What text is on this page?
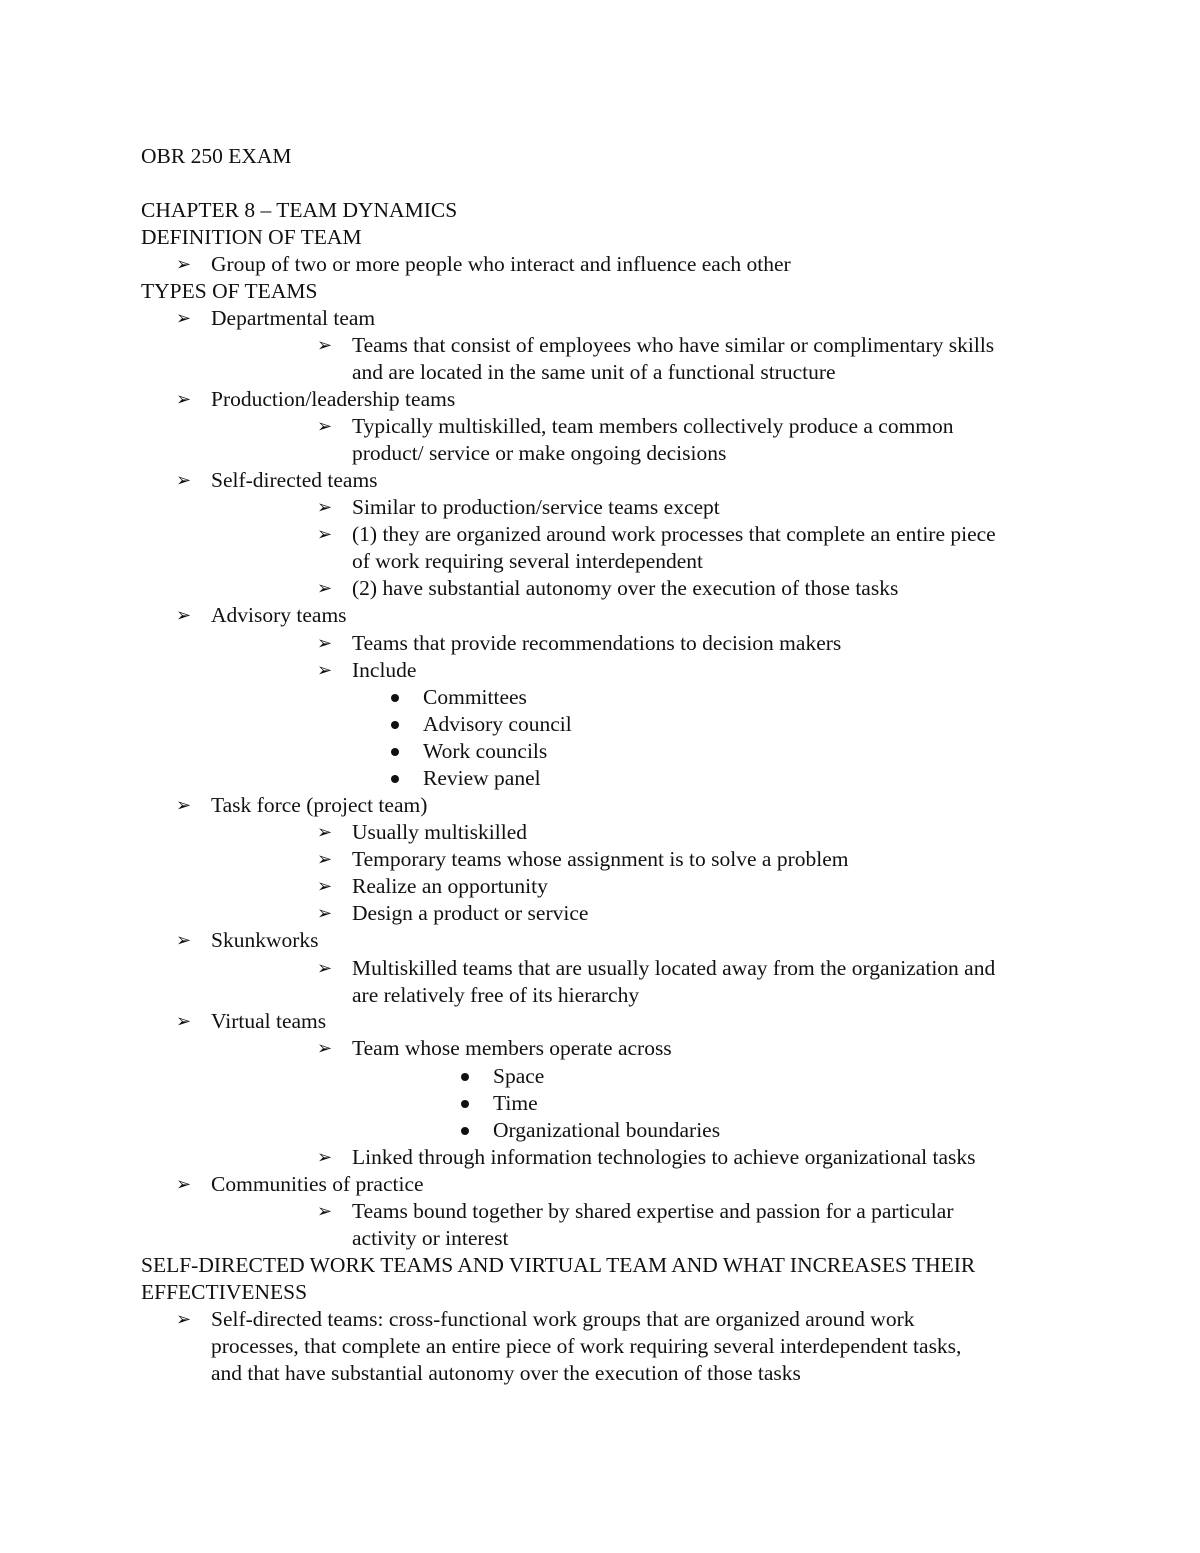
OBR 250 EXAM
CHAPTER 8 – TEAM DYNAMICS
DEFINITION OF TEAM
➢ Group of two or more people who interact and influence each other
TYPES OF TEAMS
➢ Departmental team
➢ Teams that consist of employees who have similar or complimentary skills
and are located in the same unit of a functional structure
➢ Production/leadership teams
➢ Typically multiskilled, team members collectively produce a common
product/ service or make ongoing decisions
➢ Self-directed teams
➢ Similar to production/service teams except
➢ (1) they are organized around work processes that complete an entire piece
of work requiring several interdependent
➢ (2) have substantial autonomy over the execution of those tasks
➢ Advisory teams
➢ Teams that provide recommendations to decision makers
➢ Include
Committees
Advisory council
Work councils
Review panel
➢ Task force (project team)
➢ Usually multiskilled
➢ Temporary teams whose assignment is to solve a problem
➢ Realize an opportunity
➢ Design a product or service
➢ Skunkworks
➢ Multiskilled teams that are usually located away from the organization and
are relatively free of its hierarchy
➢ Virtual teams
➢ Team whose members operate across
Space
Time
Organizational boundaries
➢ Linked through information technologies to achieve organizational tasks
➢ Communities of practice
➢ Teams bound together by shared expertise and passion for a particular
activity or interest
SELF-DIRECTED WORK TEAMS AND VIRTUAL TEAM AND WHAT INCREASES THEIR
EFFECTIVENESS
➢ Self-directed teams: cross-functional work groups that are organized around work
processes, that complete an entire piece of work requiring several interdependent tasks,
and that have substantial autonomy over the execution of those tasks
